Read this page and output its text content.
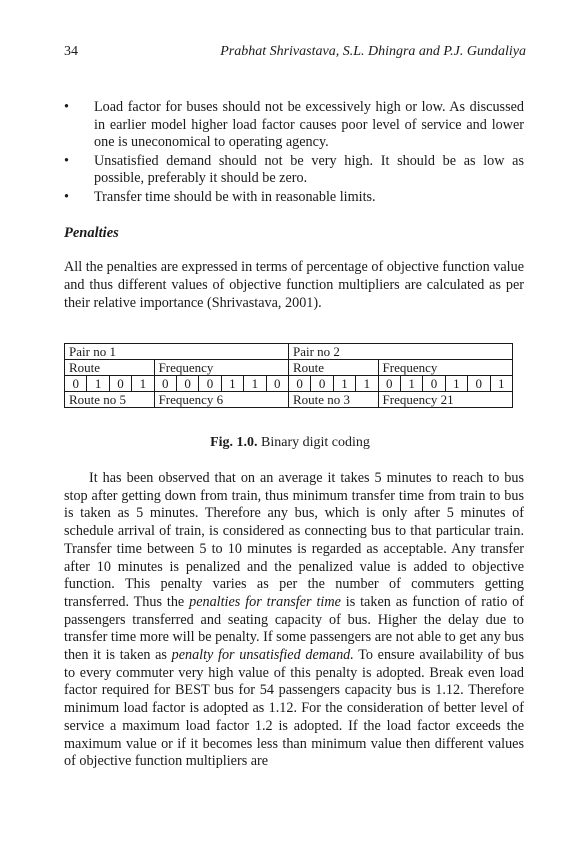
34	Prabhat Shrivastava, S.L. Dhingra and P.J. Gundaliya
• Load factor for buses should not be excessively high or low. As discussed in earlier model higher load factor causes poor level of service and lower one is uneconomical to operating agency.
• Unsatisfied demand should not be very high. It should be as low as possible, preferably it should be zero.
• Transfer time should be with in reasonable limits.
Penalties

All the penalties are expressed in terms of percentage of objective function value and thus different values of objective function multipliers are calculated as per their relative importance (Shrivastava, 2001).

Pair no 1										Pair no 2									
Route				Frequency						Route				Frequency					
0	1	0	1	0	0	0	1	1	0	0	0	1	1	0	1	0	1	0	1
Route no 5				Frequency 6						Route no 3				Frequency 21					
Fig. 1.0. Binary digit coding

It has been observed that on an average it takes 5 minutes to reach to bus stop after getting down from train, thus minimum transfer time from train to bus is taken as 5 minutes. Therefore any bus, which is only after 5 minutes of schedule arrival of train, is considered as connecting bus to that particular train. Transfer time between 5 to 10 minutes is regarded as acceptable. Any transfer after 10 minutes is penalized and the penalized value is added to objective function. This penalty varies as per the number of commuters getting transferred. Thus the penalties for transfer time is taken as function of ratio of passengers transferred and seating capacity of bus. Higher the delay due to transfer time more will be penalty. If some passengers are not able to get any bus then it is taken as penalty for unsatisfied demand. To ensure availability of bus to every commuter very high value of this penalty is adopted. Break even load factor required for BEST bus for 54 passengers capacity bus is 1.12. Therefore minimum load factor is adopted as 1.12. For the consideration of better level of service a maximum load factor 1.2 is adopted. If the load factor exceeds the maximum value or if it becomes less than minimum value then different values of objective function multipliers are
